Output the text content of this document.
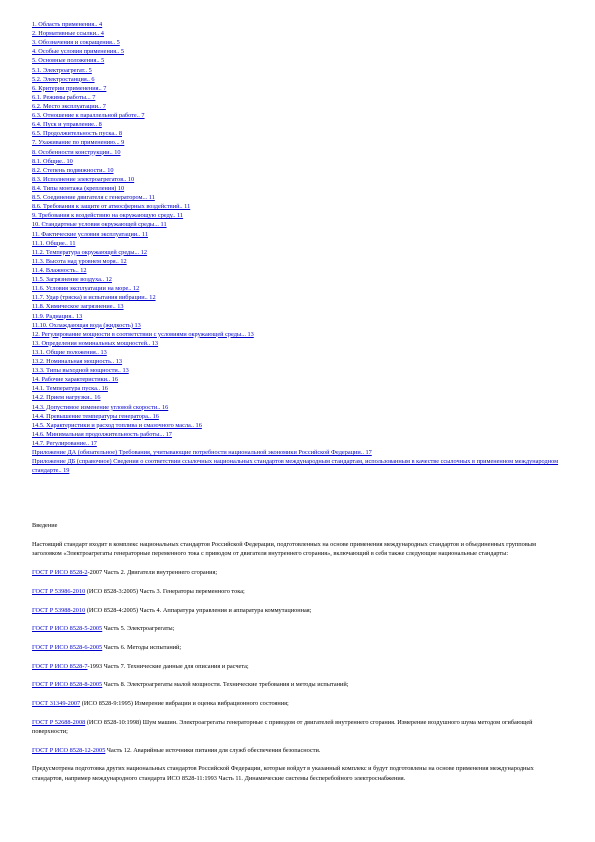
1. Область применения.. 4
2. Нормативные ссылки.. 4
3. Обозначения и сокращения.. 5
4. Особые условия применения.. 5
5. Основные положения.. 5
5.1. Электроагрегат.. 5
5.2. Электростанция.. 6
6. Критерии применения.. 7
6.1. Режимы работы... 7
6.2. Место эксплуатации.. 7
6.3. Отношение к параллельной работе.. 7
6.4. Пуск и управление.. 8
6.5. Продолжительность пуска.. 8
7. Ухаживание по применению... 9
8. Особенности конструкции.. 10
8.1. Общие.. 10
8.2. Степень подвижности.. 10
8.3. Исполнение электроагрегатов.. 10
8.4. Типы монтажа (крепления) 10
8.5. Соединение двигателя с генератором... 11
8.6. Требования к защите от атмосферных воздействий.. 11
9. Требования к воздействию на окружающую среду.. 11
10. Стандартные условия окружающей среды... 11
11. Фактические условия эксплуатации.. 11
11.1. Общие.. 11
11.2. Температура окружающей среды... 12
11.3. Высота над уровнем моря.. 12
11.4. Влажность.. 12
11.5. Загрязнение воздуха.. 12
11.6. Условия эксплуатации на море.. 12
11.7. Удар (тряска) и испытания вибрации.. 12
11.8. Химическое загрязнение.. 13
11.9. Радиация.. 13
11.10. Охлаждающая вода (жидкость) 13
12. Регулирование мощности в соответствии с условиями окружающей среды... 13
13. Определения номинальных мощностей.. 13
13.1. Общие положения.. 13
13.2. Номинальная мощность.. 13
13.3. Типы выходной мощности.. 13
14. Рабочие характеристики.. 16
14.1. Температура пуска.. 16
14.2. Прием нагрузки.. 16
14.3. Допустимое изменение угловой скорости.. 16
14.4. Превышение температуры генератора.. 16
14.5. Характеристики и расход топлива и смазочного масла.. 16
14.6. Минимальная продолжительность работы... 17
14.7. Регулирование.. 17
Приложение ДА (обязательное) Требования, учитывающие потребности национальной экономики Российской Федерации.. 17
Приложение ДБ (справочное) Сведения о соответствии ссылочных национальных стандартов международным стандартам, использованным в качестве ссылочных в примененном международном стандарте.. 19
Введение
Настоящий стандарт входит в комплекс национальных стандартов Российской Федерации, подготовленных на основе применения международных стандартов и объединенных групповым заголовком «Электроагрегаты генераторные переменного тока с приводом от двигателя внутреннего сгорания», включающий в себя также следующие национальные стандарты:
ГОСТ Р ИСО 8528-2-2007 Часть 2. Двигатели внутреннего сгорания;
ГОСТ Р 53986-2010 (ИСО 8528-3:2005) Часть 3. Генераторы переменного тока;
ГОСТ Р 53988-2010 (ИСО 8528-4:2005) Часть 4. Аппаратура управления и аппаратура коммутационная;
ГОСТ Р ИСО 8528-5-2005 Часть 5. Электроагрегаты;
ГОСТ Р ИСО 8528-6-2005 Часть 6. Методы испытаний;
ГОСТ Р ИСО 8528-7-1993 Часть 7. Технические данные для описания и расчета;
ГОСТ Р ИСО 8528-8-2005 Часть 8. Электроагрегаты малой мощности. Технические требования и методы испытаний;
ГОСТ 31349-2007 (ИСО 8528-9:1995) Измерение вибрации и оценка вибрационного состояния;
ГОСТ Р 52688-2008 (ИСО 8528-10:1998) Шум машин. Электроагрегаты генераторные с приводом от двигателей внутреннего сгорания. Измерение воздушного шума методом огибающей поверхности;
ГОСТ Р ИСО 8528-12-2005 Часть 12. Аварийные источники питания для служб обеспечения безопасности.
Предусмотрена подготовка других национальных стандартов Российской Федерации, которые войдут в указанный комплекс и будут подготовлены на основе применения международных стандартов, например международного стандарта ИСО 8528-11:1993 Часть 11. Динамические системы бесперебойного электроснабжения.
